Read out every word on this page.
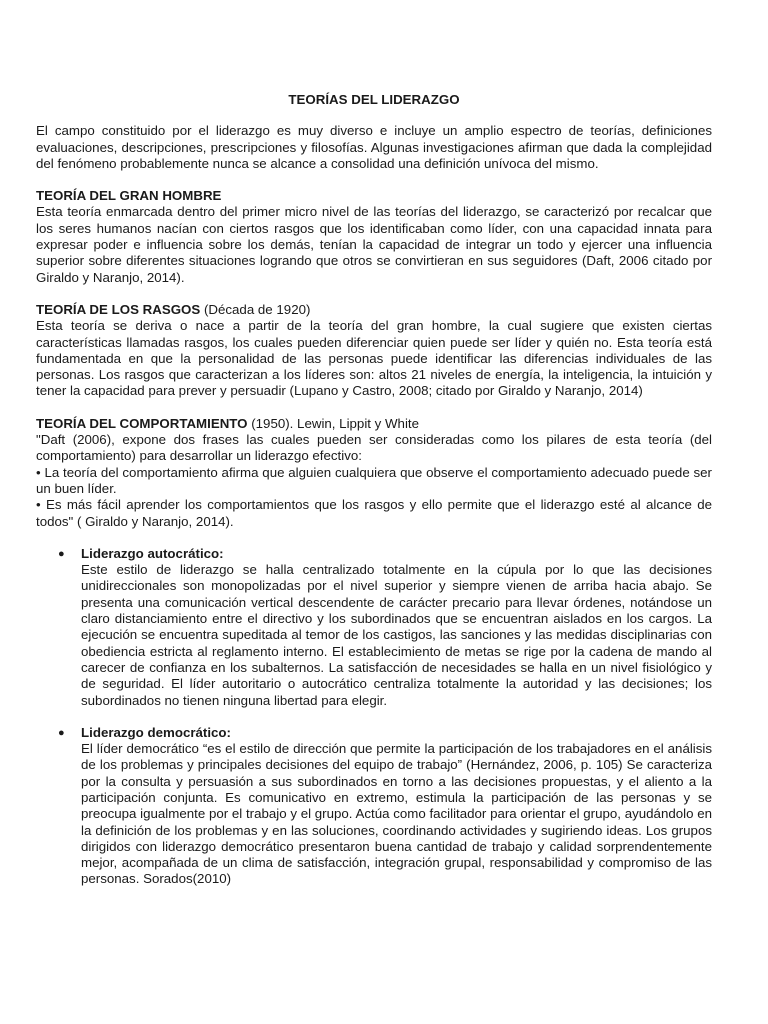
TEORÍAS DEL LIDERAZGO

El campo constituido por el liderazgo es muy diverso e incluye un amplio espectro de teorías, definiciones evaluaciones, descripciones, prescripciones y filosofías. Algunas investigaciones afirman que dada la complejidad del fenómeno probablemente nunca se alcance a consolidad una definición unívoca del mismo.

TEORÍA DEL GRAN HOMBRE

Esta teoría enmarcada dentro del primer micro nivel de las teorías del liderazgo, se caracterizó por recalcar que los seres humanos nacían con ciertos rasgos que los identificaban como líder, con una capacidad innata para expresar poder e influencia sobre los demás, tenían la capacidad de integrar un todo y ejercer una influencia superior sobre diferentes situaciones logrando que otros se convirtieran en sus seguidores (Daft, 2006 citado por Giraldo y Naranjo, 2014).

TEORÍA DE LOS RASGOS (Década de 1920)

Esta teoría se deriva o nace a partir de la teoría del gran hombre, la cual sugiere que existen ciertas características llamadas rasgos, los cuales pueden diferenciar quien puede ser líder y quién no. Esta teoría está fundamentada en que la personalidad de las personas puede identificar las diferencias individuales de las personas. Los rasgos que caracterizan a los líderes son: altos 21 niveles de energía, la inteligencia, la intuición y tener la capacidad para prever y persuadir (Lupano y Castro, 2008; citado por Giraldo y Naranjo, 2014)

TEORÍA DEL COMPORTAMIENTO (1950). Lewin, Lippit y White

"Daft (2006), expone dos frases las cuales pueden ser consideradas como los pilares de esta teoría (del comportamiento) para desarrollar un liderazgo efectivo:

• La teoría del comportamiento afirma que alguien cualquiera que observe el comportamiento adecuado puede ser un buen líder.

• Es más fácil aprender los comportamientos que los rasgos y ello permite que el liderazgo esté al alcance de todos" ( Giraldo y Naranjo, 2014).

● Liderazgo autocrático:

Este estilo de liderazgo se halla centralizado totalmente en la cúpula por lo que las decisiones unidireccionales son monopolizadas por el nivel superior y siempre vienen de arriba hacia abajo. Se presenta una comunicación vertical descendente de carácter precario para llevar órdenes, notándose un claro distanciamiento entre el directivo y los subordinados que se encuentran aislados en los cargos. La ejecución se encuentra supeditada al temor de los castigos, las sanciones y las medidas disciplinarias con obediencia estricta al reglamento interno. El establecimiento de metas se rige por la cadena de mando al carecer de confianza en los subalternos. La satisfacción de necesidades se halla en un nivel fisiológico y de seguridad. El líder autoritario o autocrático centraliza totalmente la autoridad y las decisiones; los subordinados no tienen ninguna libertad para elegir.

● Liderazgo democrático:

El líder democrático “es el estilo de dirección que permite la participación de los trabajadores en el análisis de los problemas y principales decisiones del equipo de trabajo” (Hernández, 2006, p. 105) Se caracteriza por la consulta y persuasión a sus subordinados en torno a las decisiones propuestas, y el aliento a la participación conjunta. Es comunicativo en extremo, estimula la participación de las personas y se preocupa igualmente por el trabajo y el grupo. Actúa como facilitador para orientar el grupo, ayudándolo en la definición de los problemas y en las soluciones, coordinando actividades y sugiriendo ideas. Los grupos dirigidos con liderazgo democrático presentaron buena cantidad de trabajo y calidad sorprendentemente mejor, acompañada de un clima de satisfacción, integración grupal, responsabilidad y compromiso de las personas. Sorados(2010)
